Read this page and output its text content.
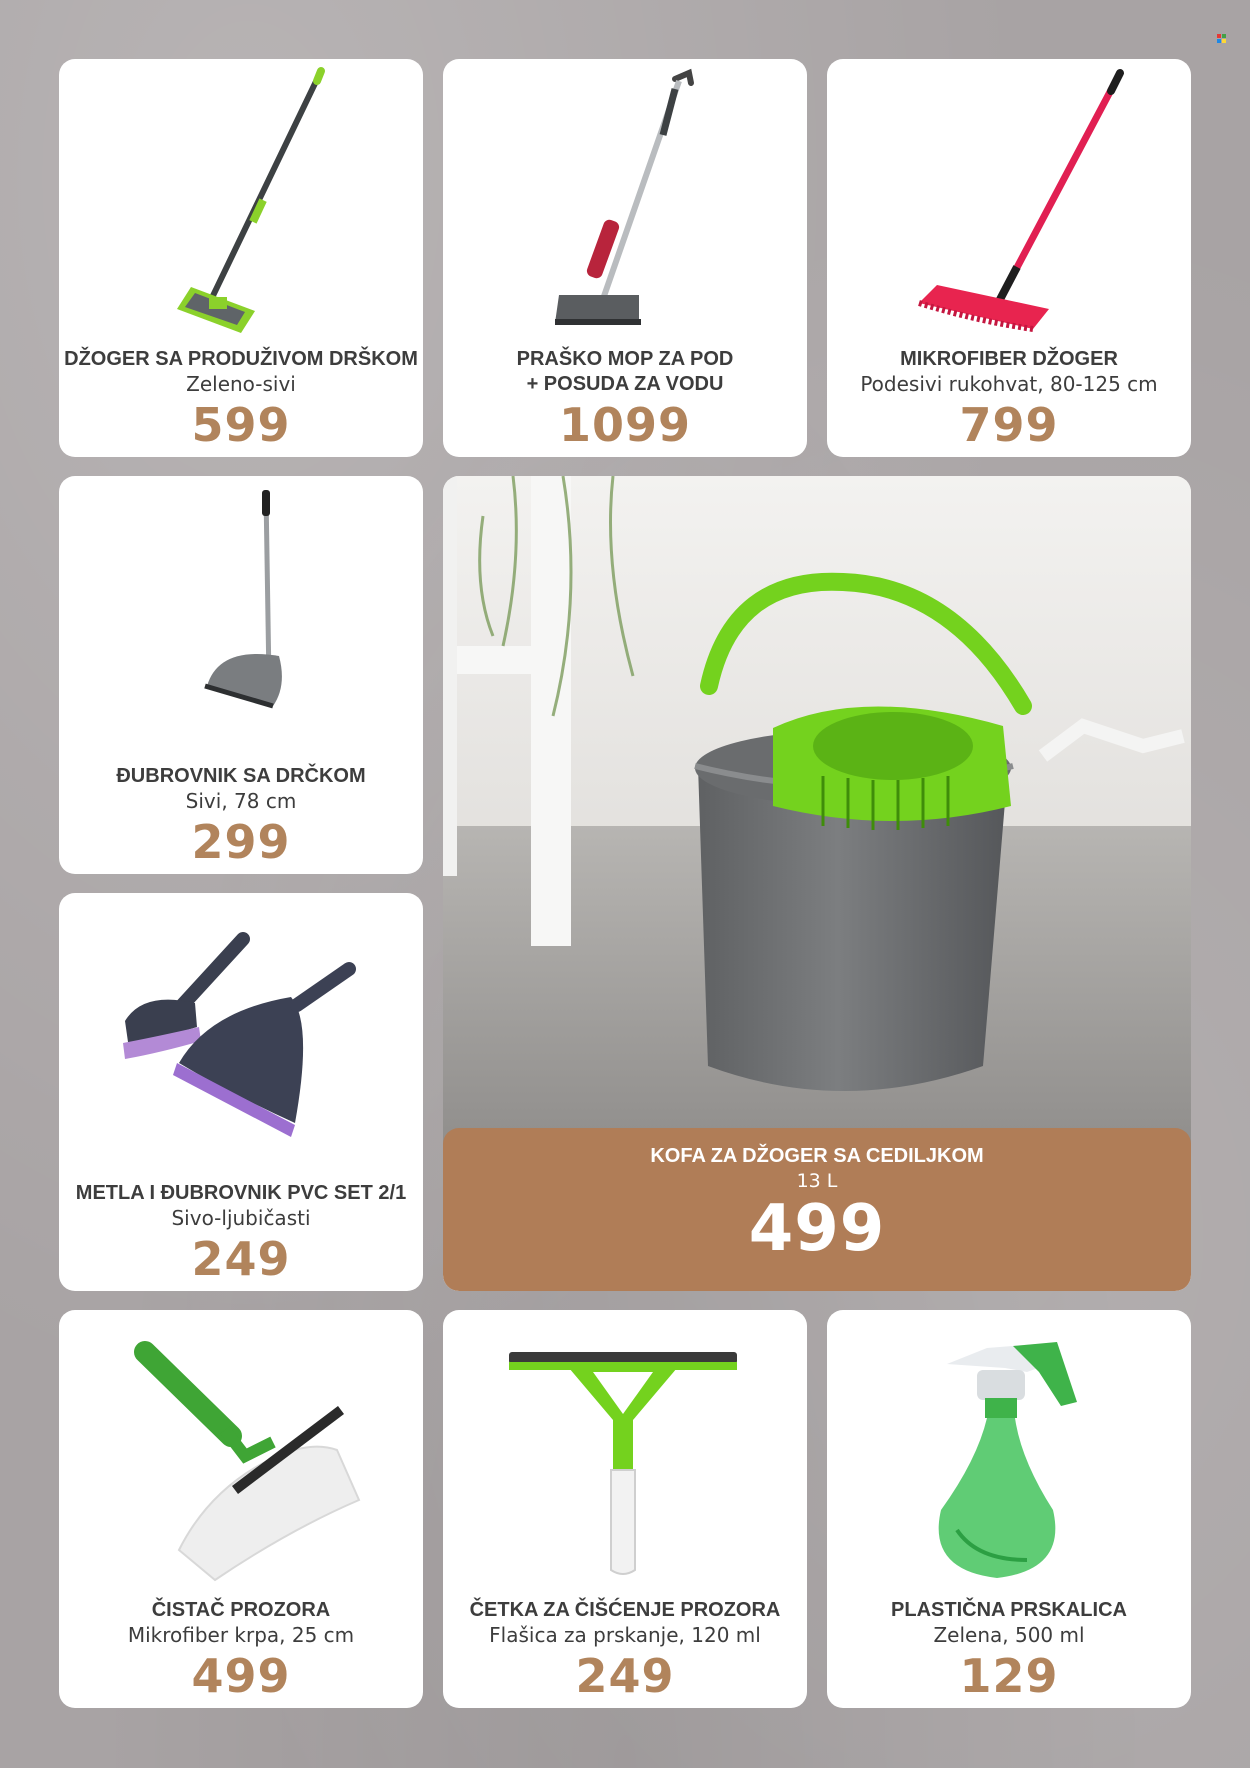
DŽOGER SA PRODUŽIVOM DRŠKOM
Zeleno-sivi
599
PRAŠKO MOP ZA POD
+ POSUDA ZA VODU
1099
MIKROFIBER DŽOGER
Podesivi rukohvat, 80-125 cm
799
ĐUBROVNIK SA DRČKOM
Sivi, 78 cm
299
METLA I ĐUBROVNIK PVC SET 2/1
Sivo-ljubičasti
249
KOFA ZA DŽOGER SA CEDILJKOM
13 L
499
ČISTAČ PROZORA
Mikrofiber krpa, 25 cm
499
ČETKA ZA ČIŠĆENJE PROZORA
Flašica za prskanje, 120 ml
249
PLASTIČNA PRSKALICA
Zelena, 500 ml
129
